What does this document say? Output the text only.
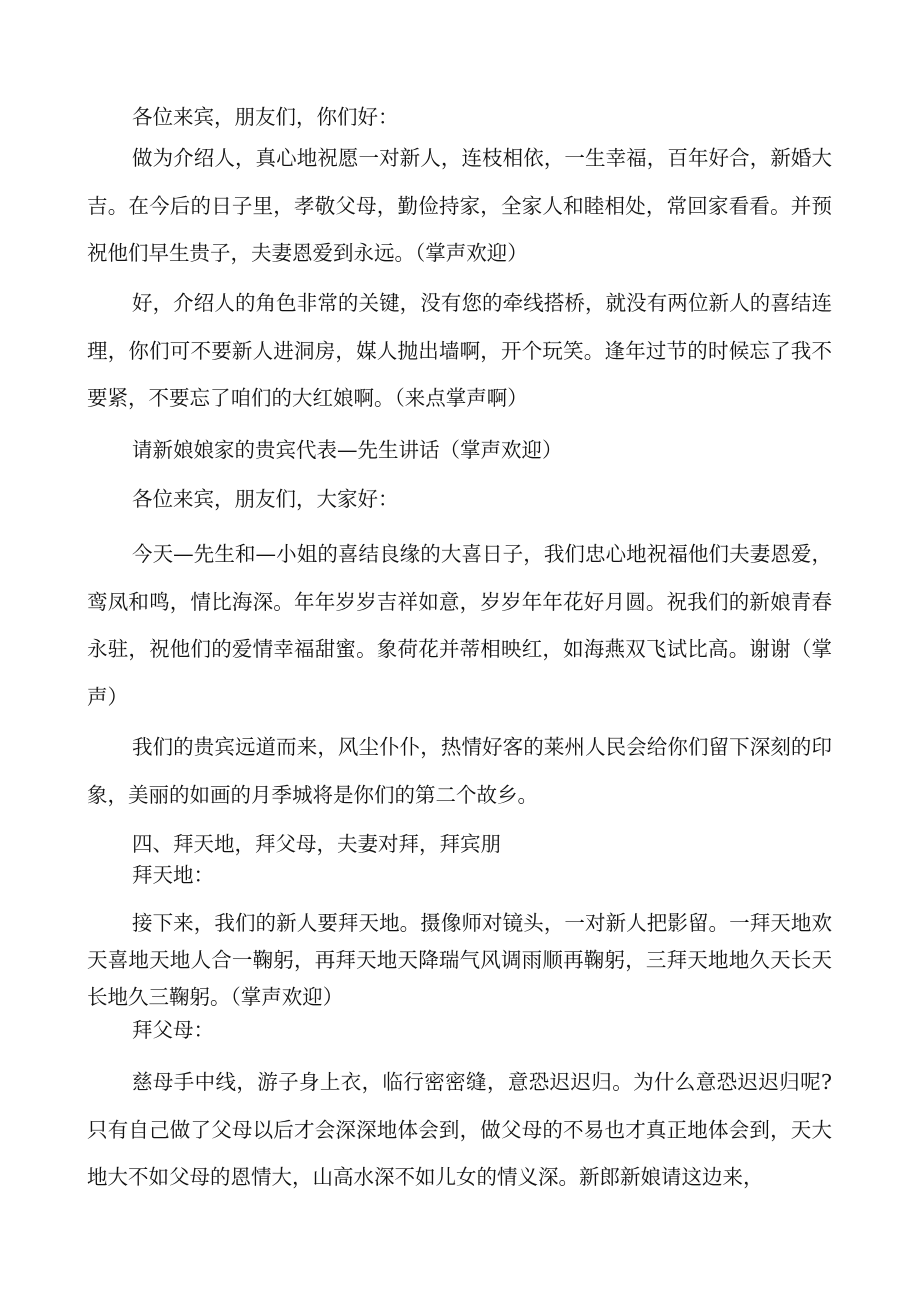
各位来宾，朋友们，你们好：

做为介绍人，真心地祝愿一对新人，连枝相依，一生幸福，百年好合，新婚大吉。在今后的日子里，孝敬父母，勤俭持家，全家人和睦相处，常回家看看。并预祝他们早生贵子，夫妻恩爱到永远。（掌声欢迎）

好，介绍人的角色非常的关键，没有您的牵线搭桥，就没有两位新人的喜结连理，你们可不要新人进洞房，媒人抛出墙啊，开个玩笑。逢年过节的时候忘了我不要紧，不要忘了咱们的大红娘啊。（来点掌声啊）

请新娘娘家的贵宾代表—先生讲话（掌声欢迎）

各位来宾，朋友们，大家好：

今天—先生和—小姐的喜结良缘的大喜日子，我们忠心地祝福他们夫妻恩爱，鸾凤和鸣，情比海深。年年岁岁吉祥如意，岁岁年年花好月圆。祝我们的新娘青春永驻，祝他们的爱情幸福甜蜜。象荷花并蒂相映红，如海燕双飞试比高。谢谢（掌声）

我们的贵宾远道而来，风尘仆仆，热情好客的莱州人民会给你们留下深刻的印象，美丽的如画的月季城将是你们的第二个故乡。

四、拜天地，拜父母，夫妻对拜，拜宾朋

拜天地：

接下来，我们的新人要拜天地。摄像师对镜头，一对新人把影留。一拜天地欢天喜地天地人合一鞠躬，再拜天地天降瑞气风调雨顺再鞠躬，三拜天地地久天长天长地久三鞠躬。（掌声欢迎）

拜父母：

慈母手中线，游子身上衣，临行密密缝，意恐迟迟归。为什么意恐迟迟归呢?只有自己做了父母以后才会深深地体会到，做父母的不易也才真正地体会到，天大地大不如父母的恩情大，山高水深不如儿女的情义深。新郎新娘请这边来，
